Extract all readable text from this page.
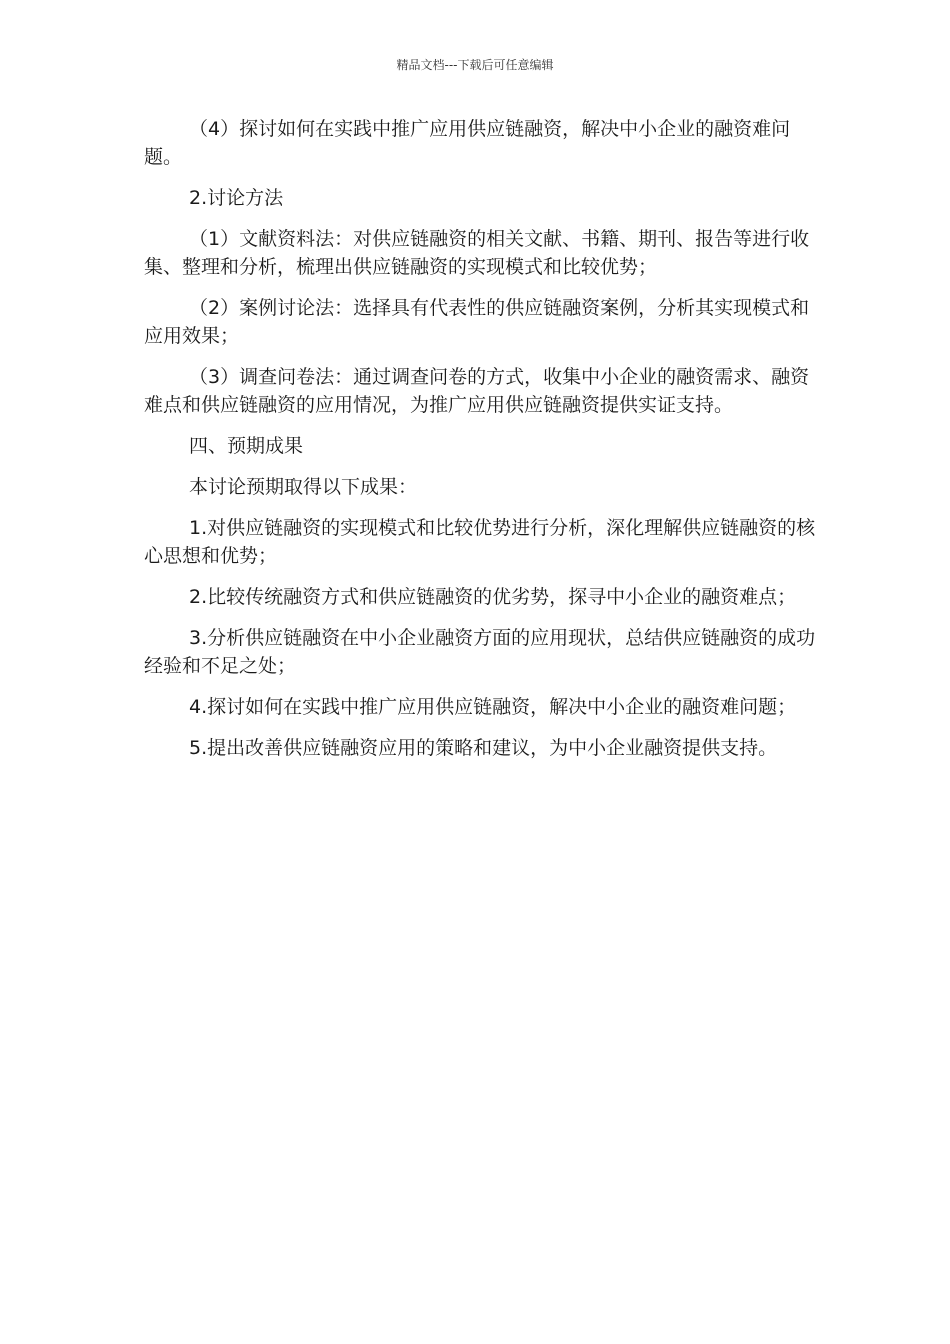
精品文档---下载后可任意编辑

（4）探讨如何在实践中推广应用供应链融资，解决中小企业的融资难问题。

2.讨论方法

（1）文献资料法：对供应链融资的相关文献、书籍、期刊、报告等进行收集、整理和分析，梳理出供应链融资的实现模式和比较优势；

（2）案例讨论法：选择具有代表性的供应链融资案例，分析其实现模式和应用效果；

（3）调查问卷法：通过调查问卷的方式，收集中小企业的融资需求、融资难点和供应链融资的应用情况，为推广应用供应链融资提供实证支持。

四、预期成果

本讨论预期取得以下成果：

1.对供应链融资的实现模式和比较优势进行分析，深化理解供应链融资的核心思想和优势；

2.比较传统融资方式和供应链融资的优劣势，探寻中小企业的融资难点；

3.分析供应链融资在中小企业融资方面的应用现状，总结供应链融资的成功经验和不足之处；

4.探讨如何在实践中推广应用供应链融资，解决中小企业的融资难问题；

5.提出改善供应链融资应用的策略和建议，为中小企业融资提供支持。
